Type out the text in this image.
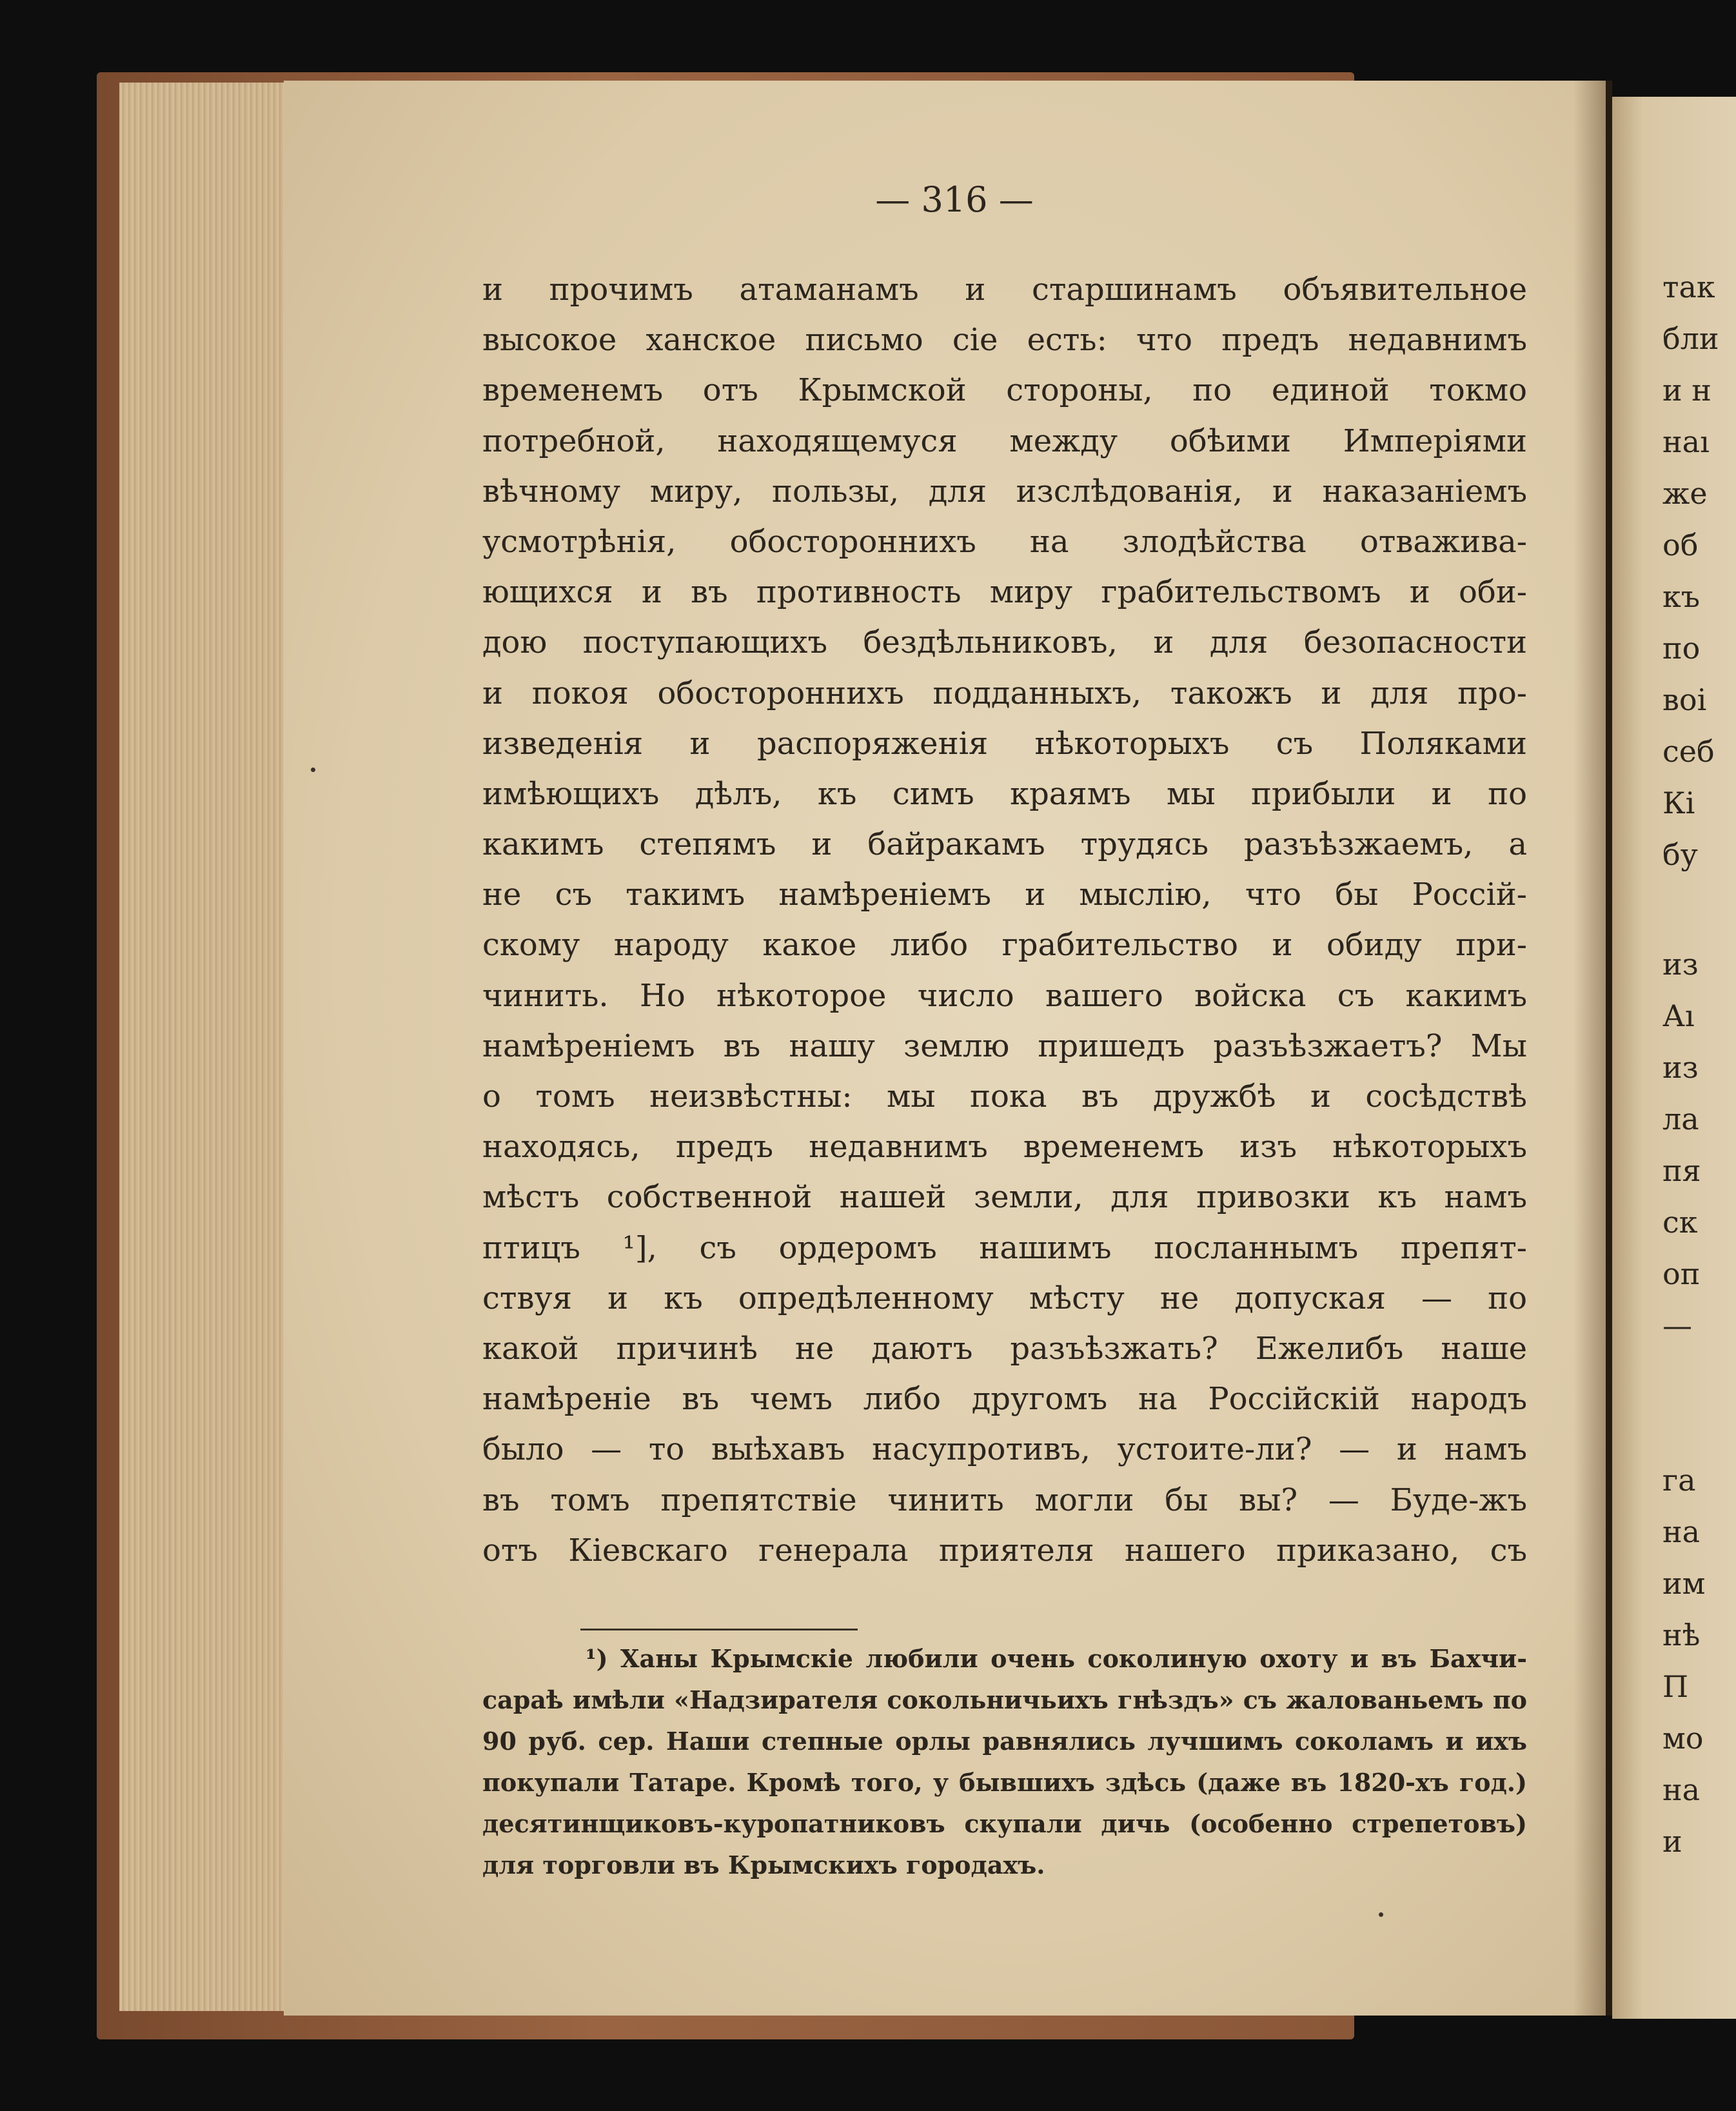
так
бли
и н
наı
же
об
къ
по
воі
себ
Кі
бу
из
Аı
из
ла
пя
ск
оп
—
га
на
им
нѣ
П
мо
на
и
— 316 —
и прочимъ атаманамъ и старшинамъ объявительное
высокое ханское письмо сіе есть: что предъ недавнимъ
временемъ отъ Крымской стороны, по единой токмо
потребной, находящемуся между обѣими Имперіями
вѣчному миру, пользы, для изслѣдованія, и наказаніемъ
усмотрѣнія, обосторонниxъ на злодѣйства отважива-
ющихся и въ противность миру грабительствомъ и оби-
дою поступающихъ бездѣльниковъ, и для безопасности
и покоя обосторонниxъ подданныхъ, такожъ и для про-
изведенія и распоряженія нѣкоторыхъ съ Поляками
имѣющихъ дѣлъ, къ симъ краямъ мы прибыли и по
какимъ степямъ и байракамъ трудясь разъѣзжаемъ, а
не съ такимъ намѣреніемъ и мыслію, что бы Россій-
скому народу какое либо грабительство и обиду при-
чинить. Но нѣкоторое число вашего войска съ какимъ
намѣреніемъ въ нашу землю пришедъ разъѣзжаетъ? Мы
о томъ неизвѣстны: мы пока въ дружбѣ и сосѣдствѣ
находясь, предъ недавнимъ временемъ изъ нѣкоторыхъ
мѣстъ собственной нашей земли, для привозки къ намъ
птицъ ¹], съ ордеромъ нашимъ посланнымъ препят-
ствуя и къ опредѣленному мѣсту не допуская — по
какой причинѣ не даютъ разъѣзжать? Ежелибъ наше
намѣреніе въ чемъ либо другомъ на Россійскій народъ
было — то выѣхавъ насупротивъ, устоите-ли? — и намъ
въ томъ препятствіе чинить могли бы вы? — Буде-жъ
отъ Кіевскаго генерала приятеля нашего приказано, съ
¹) Ханы Крымскіе любили очень соколиную охоту и въ Бахчи-
сараѣ имѣли «Надзирателя сокольничьихъ гнѣздъ» съ жалованьемъ по
90 руб. сер. Наши степные орлы равнялись лучшимъ соколамъ и ихъ
покупали Татаре. Кромѣ того, у бывшихъ здѣсь (даже въ 1820-хъ год.)
десятинщиковъ-куропатниковъ скупали дичь (особенно стрепетовъ)
для торговли въ Крымскихъ городахъ.
